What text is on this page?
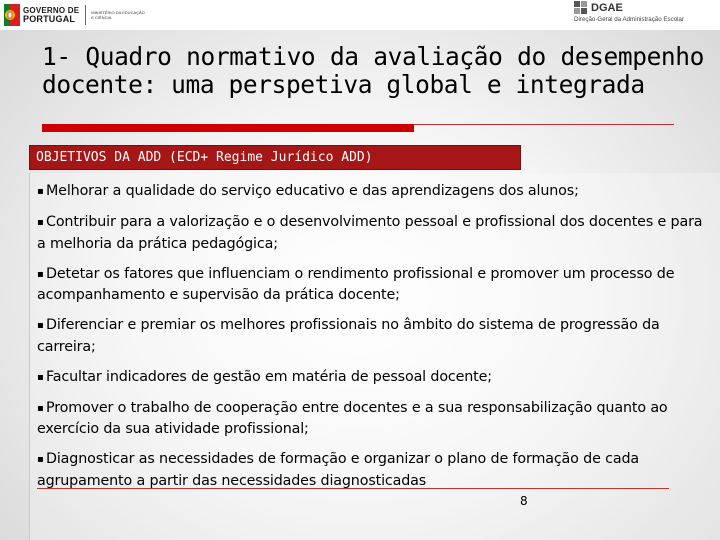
GOVERNO DE
PORTUGAL
MINISTÉRIO DA EDUCAÇÃO
E CIÊNCIA
DGAE
Direção-Geral da Administração Escolar
1- Quadro normativo da avaliação do desempenho docente: uma perspetiva global e integrada
OBJETIVOS DA ADD (ECD+ Regime Jurídico ADD)
▪ Melhorar a qualidade do serviço educativo e das aprendizagens dos alunos;
▪ Contribuir para a valorização e o desenvolvimento pessoal e profissional dos docentes e para a melhoria da prática pedagógica;
▪ Detetar os fatores que influenciam o rendimento profissional e promover um processo de acompanhamento e supervisão da prática docente;
▪ Diferenciar e premiar os melhores profissionais no âmbito do sistema de progressão da carreira;
▪ Facultar indicadores de gestão em matéria de pessoal docente;
▪ Promover o trabalho de cooperação entre docentes e a sua responsabilização quanto ao exercício da sua atividade profissional;
▪ Diagnosticar as necessidades de formação e organizar o plano de formação de cada agrupamento a partir das necessidades diagnosticadas
8
